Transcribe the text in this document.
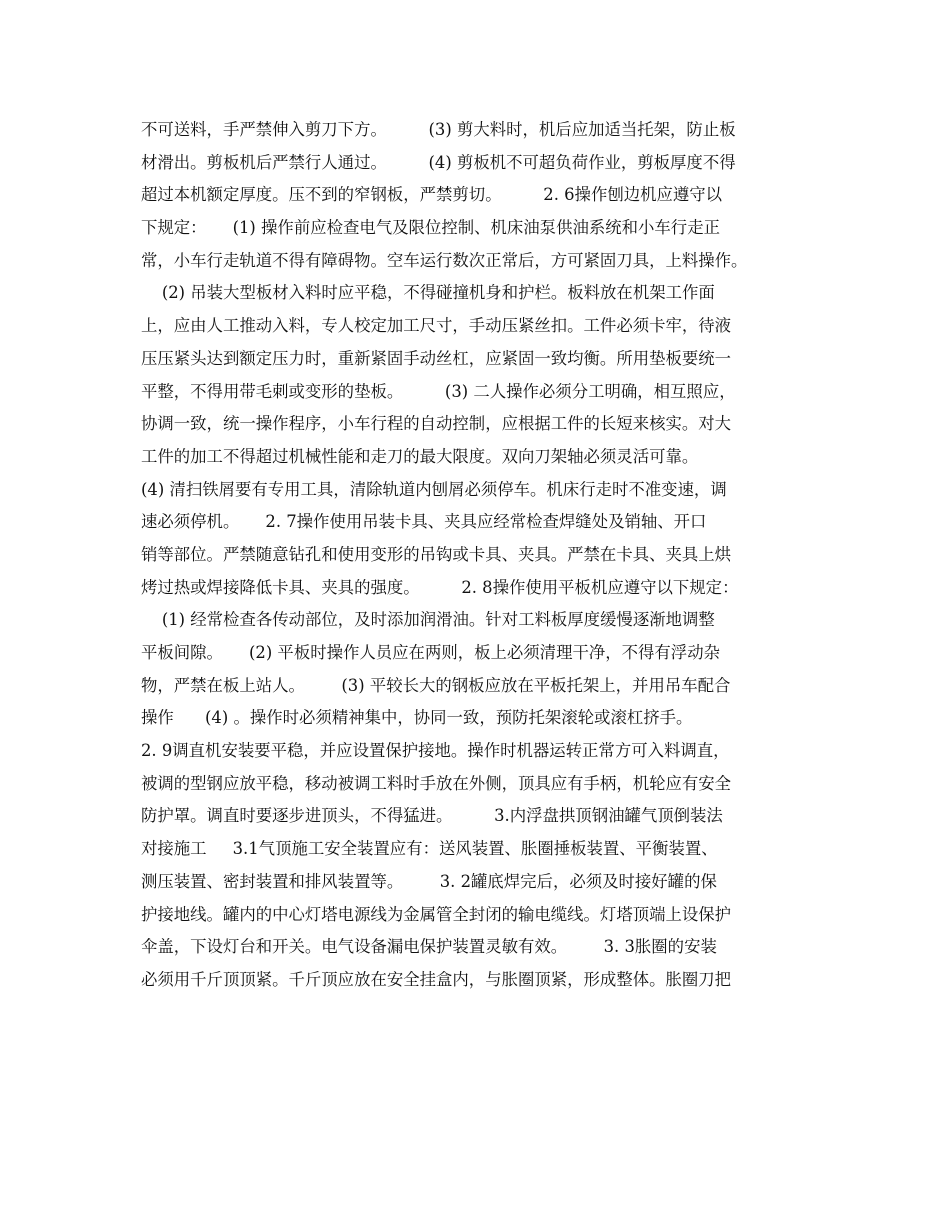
不可送料，手严禁伸入剪刀下方。        (3) 剪大料时，机后应加适当托架，防止板
材滑出。剪板机后严禁行人通过。        (4) 剪板机不可超负荷作业，剪板厚度不得
超过本机额定厚度。压不到的窄钢板，严禁剪切。        2. 6操作刨边机应遵守以
下规定：     (1) 操作前应检查电气及限位控制、机床油泵供油系统和小车行走正
常，小车行走轨道不得有障碍物。空车运行数次正常后，方可紧固刀具，上料操作。
(2) 吊装大型板材入料时应平稳，不得碰撞机身和护栏。板料放在机架工作面
上，应由人工推动入料，专人校定加工尺寸，手动压紧丝扣。工件必须卡牢，待液
压压紧头达到额定压力时，重新紧固手动丝杠，应紧固一致均衡。所用垫板要统一
平整，不得用带毛刺或变形的垫板。        (3) 二人操作必须分工明确，相互照应，
协调一致，统一操作程序，小车行程的自动控制，应根据工件的长短来核实。对大
工件的加工不得超过机械性能和走刀的最大限度。双向刀架轴必须灵活可靠。
(4) 清扫铁屑要有专用工具，清除轨道内刨屑必须停车。机床行走时不准变速，调
速必须停机。     2. 7操作使用吊装卡具、夹具应经常检查焊缝处及销轴、开口
销等部位。严禁随意钻孔和使用变形的吊钩或卡具、夹具。严禁在卡具、夹具上烘
烤过热或焊接降低卡具、夹具的强度。        2. 8操作使用平板机应遵守以下规定：
(1) 经常检查各传动部位，及时添加润滑油。针对工料板厚度缓慢逐渐地调整
平板间隙。     (2) 平板时操作人员应在两则，板上必须清理干净，不得有浮动杂
物，严禁在板上站人。       (3) 平较长大的钢板应放在平板托架上，并用吊车配合
操作      (4) 。操作时必须精神集中，协同一致，预防托架滚轮或滚杠挤手。
2. 9调直机安装要平稳，并应设置保护接地。操作时机器运转正常方可入料调直，
被调的型钢应放平稳，移动被调工料时手放在外侧，顶具应有手柄，机轮应有安全
防护罩。调直时要逐步进顶头，不得猛进。        3.内浮盘拱顶钢油罐气顶倒装法
对接施工     3.1气顶施工安全装置应有：送风装置、胀圈捶板装置、平衡装置、
测压装置、密封装置和排风装置等。       3. 2罐底焊完后，必须及时接好罐的保
护接地线。罐内的中心灯塔电源线为金属管全封闭的输电缆线。灯塔顶端上设保护
伞盖，下设灯台和开关。电气设备漏电保护装置灵敏有效。       3. 3胀圈的安装
必须用千斤顶顶紧。千斤顶应放在安全挂盒内，与胀圈顶紧，形成整体。胀圈刀把
